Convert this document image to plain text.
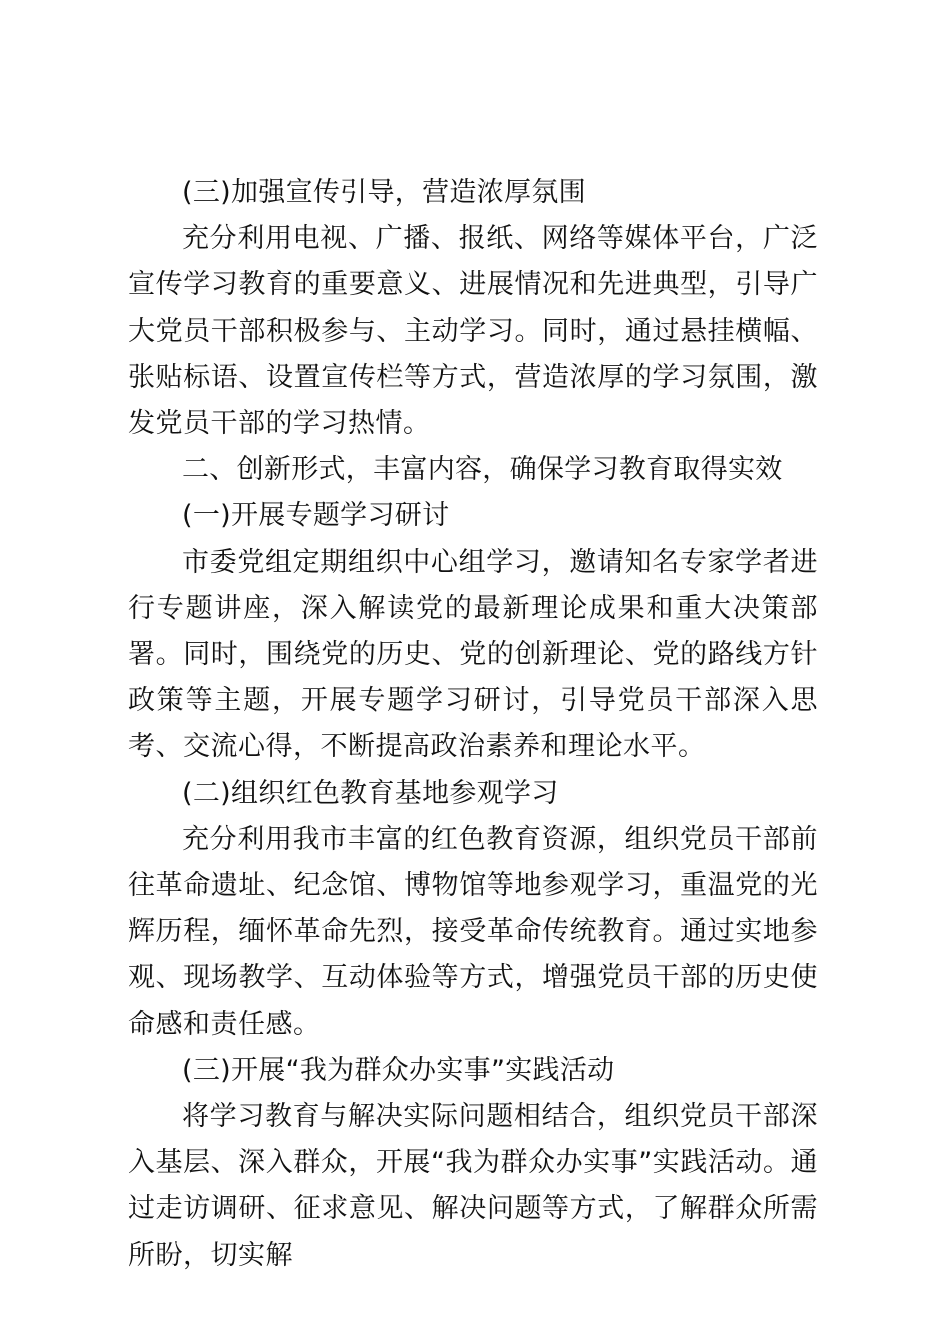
(三)加强宣传引导，营造浓厚氛围

充分利用电视、广播、报纸、网络等媒体平台，广泛宣传学习教育的重要意义、进展情况和先进典型，引导广大党员干部积极参与、主动学习。同时，通过悬挂横幅、张贴标语、设置宣传栏等方式，营造浓厚的学习氛围，激发党员干部的学习热情。

二、创新形式，丰富内容，确保学习教育取得实效

(一)开展专题学习研讨

市委党组定期组织中心组学习，邀请知名专家学者进行专题讲座，深入解读党的最新理论成果和重大决策部署。同时，围绕党的历史、党的创新理论、党的路线方针政策等主题，开展专题学习研讨，引导党员干部深入思考、交流心得，不断提高政治素养和理论水平。

(二)组织红色教育基地参观学习

充分利用我市丰富的红色教育资源，组织党员干部前往革命遗址、纪念馆、博物馆等地参观学习，重温党的光辉历程，缅怀革命先烈，接受革命传统教育。通过实地参观、现场教学、互动体验等方式，增强党员干部的历史使命感和责任感。

(三)开展“我为群众办实事”实践活动

将学习教育与解决实际问题相结合，组织党员干部深入基层、深入群众，开展“我为群众办实事”实践活动。通过走访调研、征求意见、解决问题等方式，了解群众所需所盼，切实解
